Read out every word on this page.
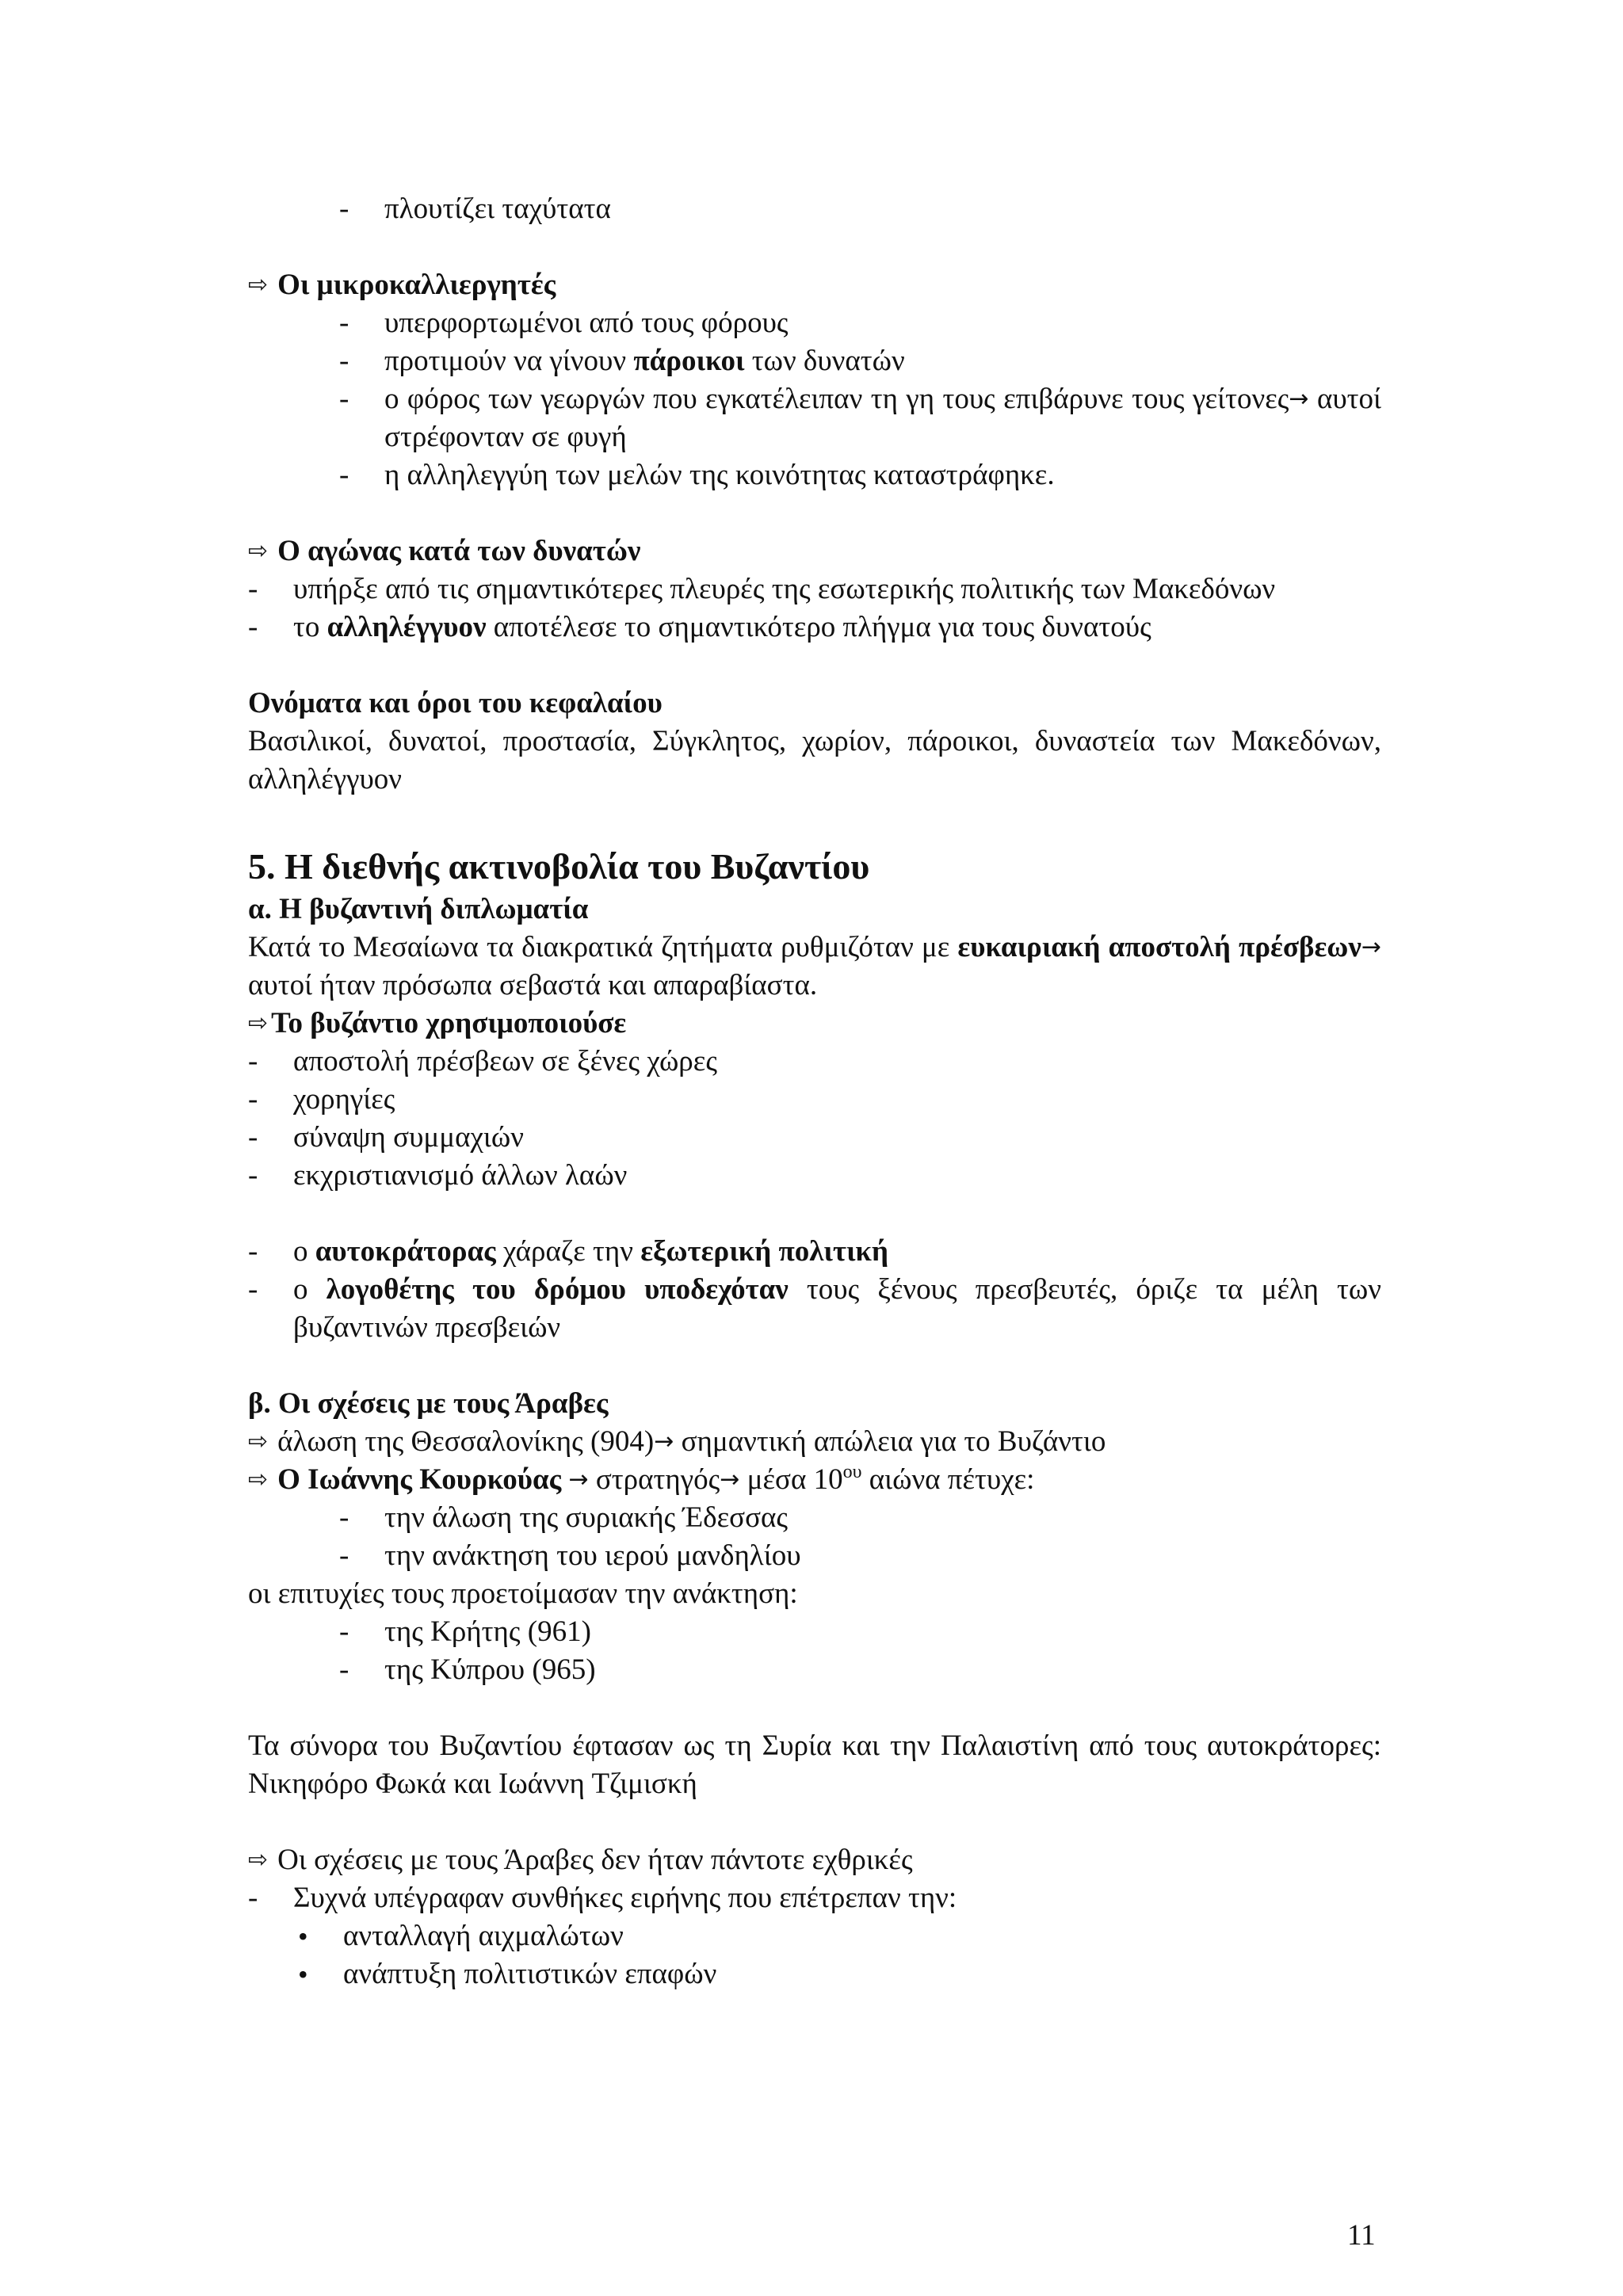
- πλουτίζει ταχύτατα
⇨ Οι μικροκαλλιεργητές
- υπερφορτωμένοι από τους φόρους
- προτιμούν να γίνουν πάροικοι των δυνατών
- ο φόρος των γεωργών που εγκατέλειπαν τη γη τους επιβάρυνε τους γείτονες→ αυτοί στρέφονταν σε φυγή
- η αλληλεγγύη των μελών της κοινότητας καταστράφηκε.
⇨ Ο αγώνας κατά των δυνατών
- υπήρξε από τις σημαντικότερες πλευρές της εσωτερικής πολιτικής των Μακεδόνων
- το αλληλέγγυον αποτέλεσε το σημαντικότερο πλήγμα για τους δυνατούς
Ονόματα και όροι του κεφαλαίου
Βασιλικοί, δυνατοί, προστασία, Σύγκλητος, χωρίον, πάροικοι, δυναστεία των Μακεδόνων, αλληλέγγυον
5. Η διεθνής ακτινοβολία του Βυζαντίου
α. Η βυζαντινή διπλωματία
Κατά το Μεσαίωνα τα διακρατικά ζητήματα ρυθμιζόταν με ευκαιριακή αποστολή πρέσβεων→ αυτοί ήταν πρόσωπα σεβαστά και απαραβίαστα.
⇨ Το βυζάντιο χρησιμοποιούσε
- αποστολή πρέσβεων σε ξένες χώρες
- χορηγίες
- σύναψη συμμαχιών
- εκχριστιανισμό άλλων λαών
- ο αυτοκράτορας χάραζε την εξωτερική πολιτική
- ο λογοθέτης του δρόμου υποδεχόταν τους ξένους πρεσβευτές, όριζε τα μέλη των βυζαντινών πρεσβειών
β. Οι σχέσεις με τους Άραβες
⇨ άλωση της Θεσσαλονίκης (904)→ σημαντική απώλεια για το Βυζάντιο
⇨ Ο Ιωάννης Κουρκούας → στρατηγός→ μέσα $10^{o\upsilon}$ αιώνα πέτυχε:
- την άλωση της συριακής Έδεσσας
- την ανάκτηση του ιερού μανδηλίου
οι επιτυχίες τους προετοίμασαν την ανάκτηση:
- της Κρήτης (961)
- της Κύπρου (965)
Τα σύνορα του Βυζαντίου έφτασαν ως τη Συρία και την Παλαιστίνη από τους αυτοκράτορες: Νικηφόρο Φωκά και Ιωάννη Τζιμισκή
⇨ Οι σχέσεις με τους Άραβες δεν ήταν πάντοτε εχθρικές
- Συχνά υπέγραφαν συνθήκες ειρήνης που επέτρεπαν την:
• ανταλλαγή αιχμαλώτων
• ανάπτυξη πολιτιστικών επαφών
11
